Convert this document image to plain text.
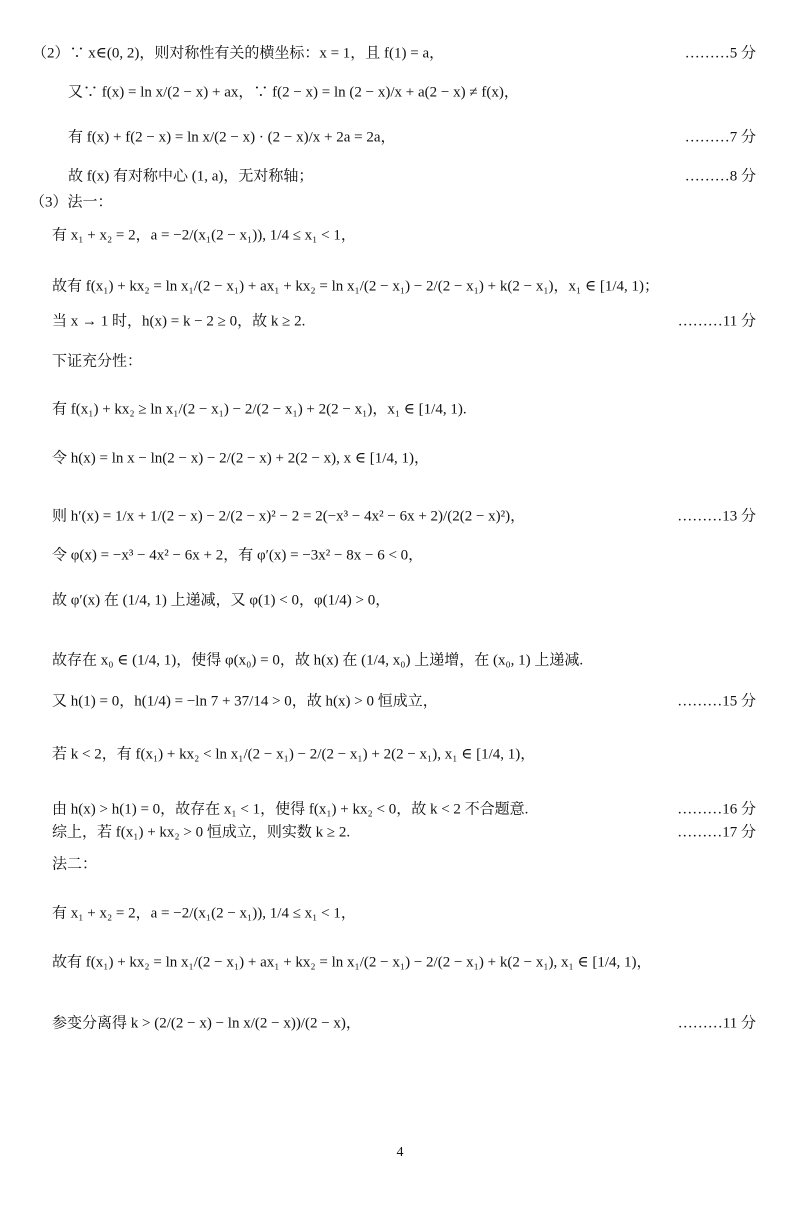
（2）∵ x∈(0, 2)，则对称性有关的横坐标：x = 1，且 f(1) = a，	………5 分
又∵ f(x) = ln x/(2 − x) + ax，∵ f(2 − x) = ln (2 − x)/x + a(2 − x) ≠ f(x)，
有 f(x) + f(2 − x) = ln x/(2 − x) · (2 − x)/x + 2a = 2a，	………7 分
故 f(x) 有对称中心 (1, a)，无对称轴；	………8 分
（3）法一：
有 x₁ + x₂ = 2，a = −2/(x₁(2 − x₁)), 1/4 ≤ x₁ < 1，
故有 f(x₁) + kx₂ = ln x₁/(2 − x₁) + ax₁ + kx₂ = ln x₁/(2 − x₁) − 2/(2 − x₁) + k(2 − x₁)，x₁ ∈ [1/4, 1)；
当 x → 1 时，h(x) = k − 2 ≥ 0，故 k ≥ 2.	………11 分
下证充分性：
有 f(x₁) + kx₂ ≥ ln x₁/(2 − x₁) − 2/(2 − x₁) + 2(2 − x₁)，x₁ ∈ [1/4, 1).
令 h(x) = ln x − ln(2 − x) − 2/(2 − x) + 2(2 − x), x ∈ [1/4, 1)，
则 h′(x) = 1/x + 1/(2 − x) − 2/(2 − x)² − 2 = 2(−x³ − 4x² − 6x + 2)/(2(2 − x)²)，	………13 分
令 φ(x) = −x³ − 4x² − 6x + 2，有 φ′(x) = −3x² − 8x − 6 < 0，
故 φ′(x) 在 (1/4, 1) 上递减，又 φ(1) < 0，φ(1/4) > 0，
故存在 x₀ ∈ (1/4, 1)，使得 φ(x₀) = 0，故 h(x) 在 (1/4, x₀) 上递增，在 (x₀, 1) 上递减.
又 h(1) = 0，h(1/4) = −ln 7 + 37/14 > 0，故 h(x) > 0 恒成立，	………15 分
若 k < 2，有 f(x₁) + kx₂ < ln x₁/(2 − x₁) − 2/(2 − x₁) + 2(2 − x₁), x₁ ∈ [1/4, 1)，
由 h(x) > h(1) = 0，故存在 x₁ < 1，使得 f(x₁) + kx₂ < 0，故 k < 2 不合题意.	………16 分
综上，若 f(x₁) + kx₂ > 0 恒成立，则实数 k ≥ 2.	………17 分
法二：
有 x₁ + x₂ = 2，a = −2/(x₁(2 − x₁)), 1/4 ≤ x₁ < 1，
故有 f(x₁) + kx₂ = ln x₁/(2 − x₁) + ax₁ + kx₂ = ln x₁/(2 − x₁) − 2/(2 − x₁) + k(2 − x₁), x₁ ∈ [1/4, 1)，
参变分离得 k > (2/(2 − x) − ln x/(2 − x))/(2 − x)，	………11 分
4
